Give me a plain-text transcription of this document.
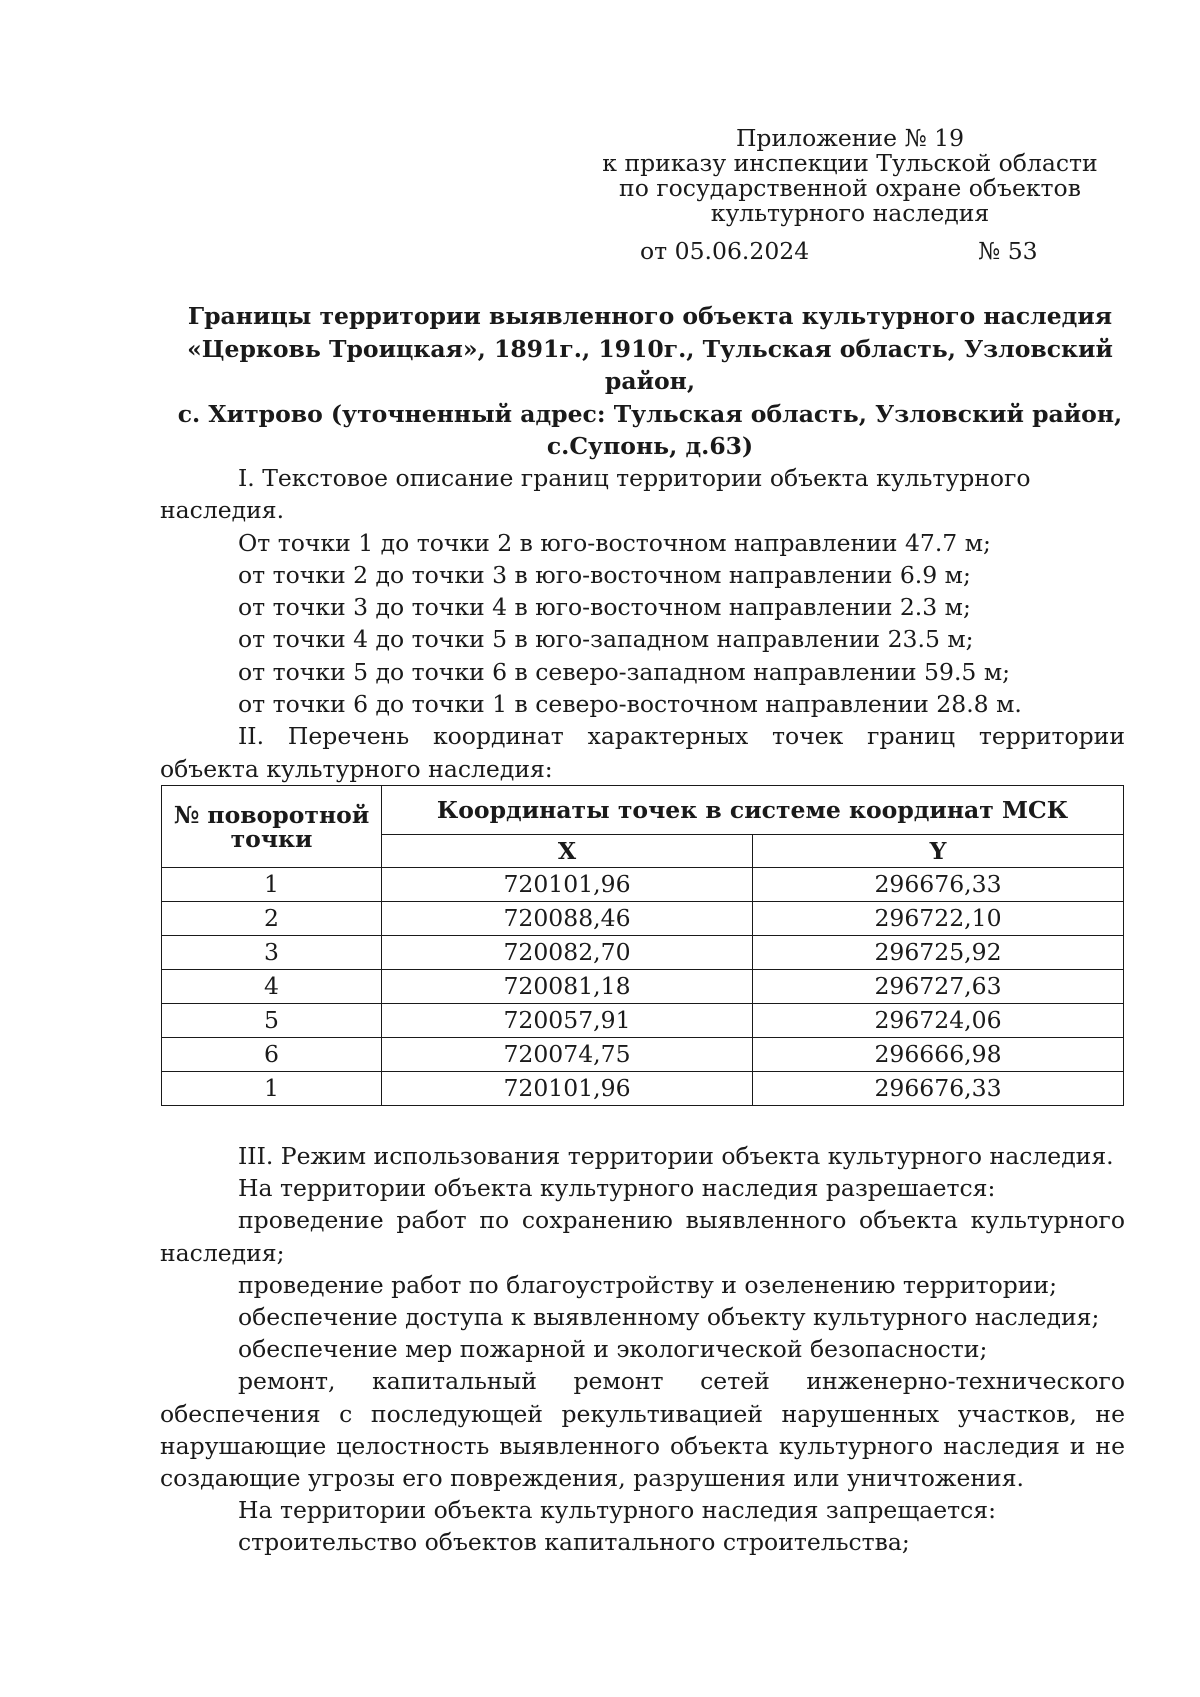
Приложение № 19
к приказу инспекции Тульской области
по государственной охране объектов
культурного наследия
от 05.06.2024	№ 53
Границы территории выявленного объекта культурного наследия
«Церковь Троицкая», 1891г., 1910г., Тульская область, Узловский район,
с. Хитрово (уточненный адрес: Тульская область, Узловский район,
с.Супонь, д.63)

I. Текстовое описание границ территории объекта культурного наследия.

От точки 1 до точки 2 в юго-восточном направлении 47.7 м;

от точки 2 до точки 3 в юго-восточном направлении 6.9 м;

от точки 3 до точки 4 в юго-восточном направлении 2.3 м;

от точки 4 до точки 5 в юго-западном направлении 23.5 м;

от точки 5 до точки 6 в северо-западном направлении 59.5 м;

от точки 6 до точки 1 в северо-восточном направлении 28.8 м.

II. Перечень координат характерных точек границ территории объекта культурного наследия:

№ поворотной точки	Координаты точек в системе координат МСК	
	X	Y
1	720101,96	296676,33
2	720088,46	296722,10
3	720082,70	296725,92
4	720081,18	296727,63
5	720057,91	296724,06
6	720074,75	296666,98
1	720101,96	296676,33

III. Режим использования территории объекта культурного наследия.

На территории объекта культурного наследия разрешается:

проведение работ по сохранению выявленного объекта культурного наследия;

проведение работ по благоустройству и озеленению территории;

обеспечение доступа к выявленному объекту культурного наследия;

обеспечение мер пожарной и экологической безопасности;

ремонт, капитальный ремонт сетей инженерно-технического обеспечения с последующей рекультивацией нарушенных участков, не нарушающие целостность выявленного объекта культурного наследия и не создающие угрозы его повреждения, разрушения или уничтожения.

На территории объекта культурного наследия запрещается:

строительство объектов капитального строительства;
